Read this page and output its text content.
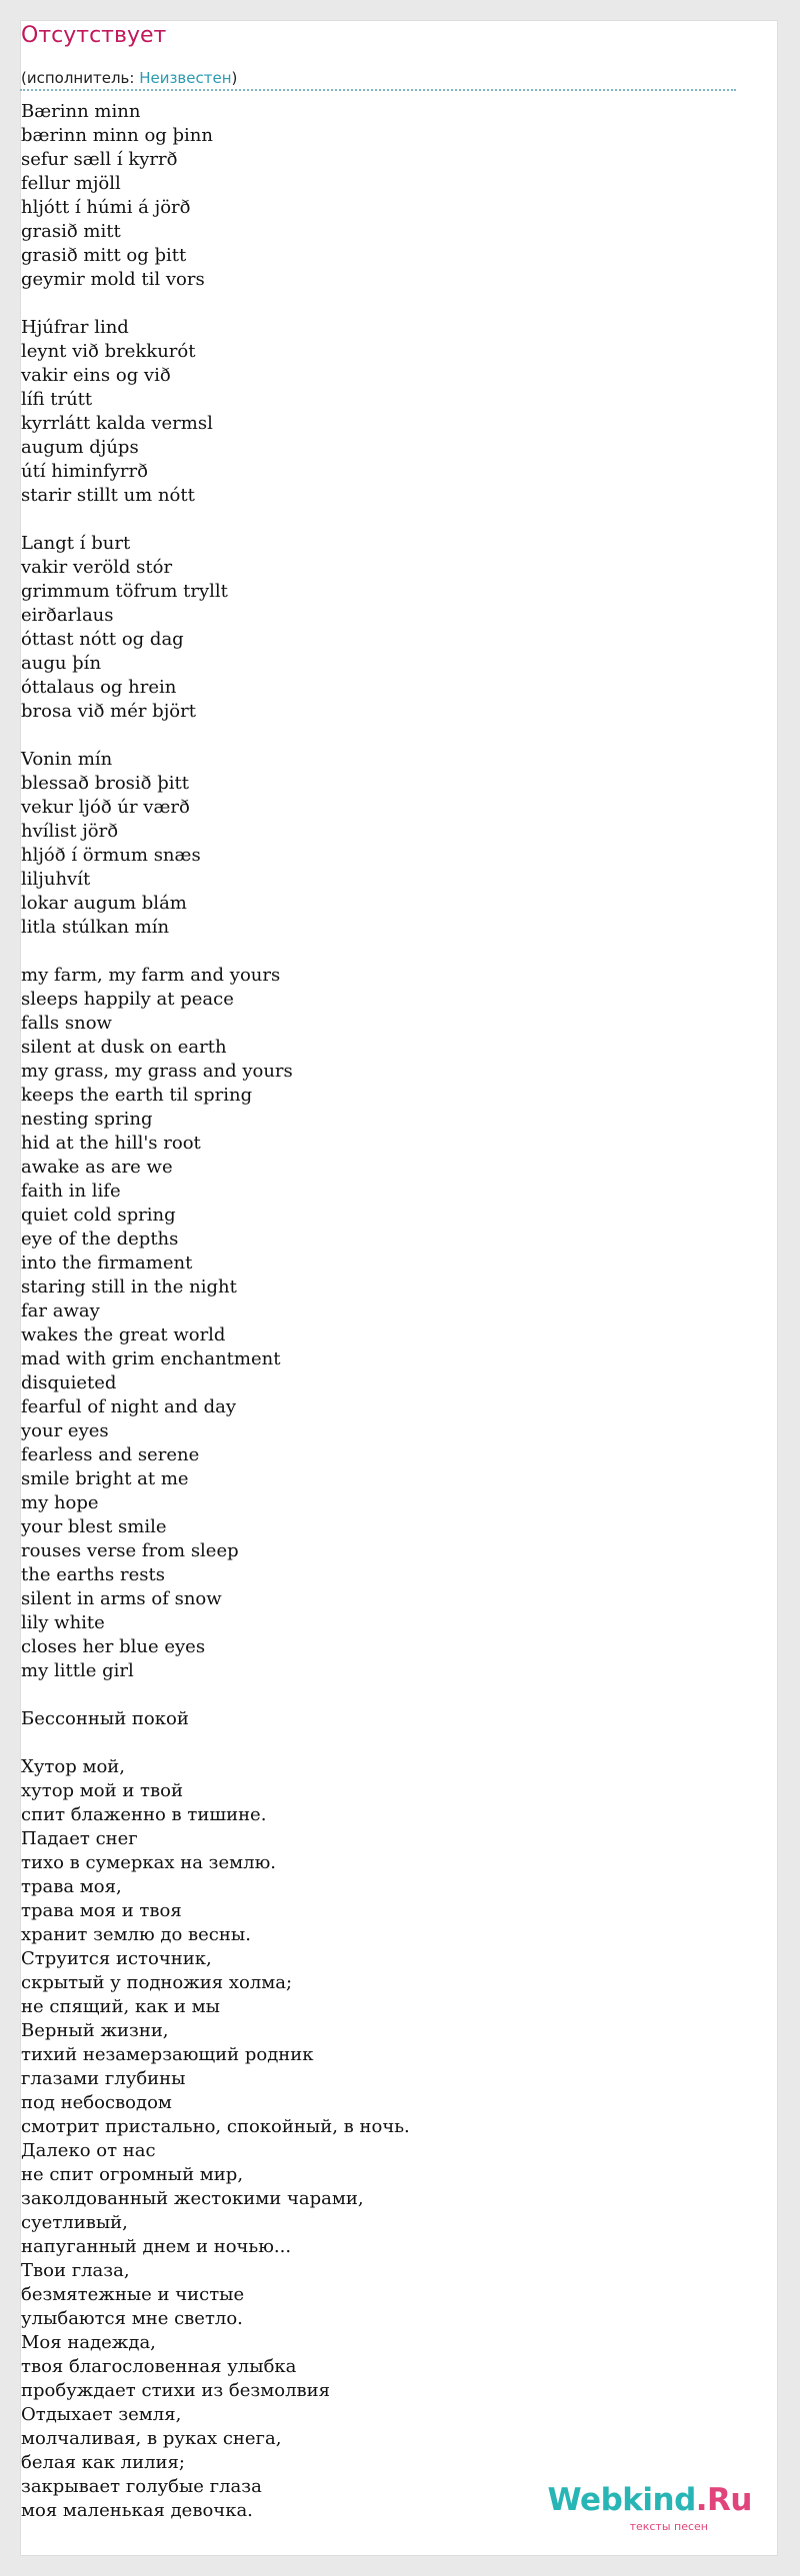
Отсутствует
(исполнитель: Неизвестен)
Bærinn minn
bærinn minn og þinn
sefur sæll í kyrrð
fellur mjöll
hljótt í húmi á jörð
grasið mitt
grasið mitt og þitt
geymir mold til vors
Hjúfrar lind
leynt við brekkurót
vakir eins og við
lífi trútt
kyrrlátt kalda vermsl
augum djúps
útí himinfyrrð
starir stillt um nótt
Langt í burt
vakir veröld stór
grimmum töfrum tryllt
eirðarlaus
óttast nótt og dag
augu þín
óttalaus og hrein
brosa við mér björt
Vonin mín
blessað brosið þitt
vekur ljóð úr værð
hvílist jörð
hljóð í örmum snæs
liljuhvít
lokar augum blám
litla stúlkan mín
my farm, my farm and yours
sleeps happily at peace
falls snow
silent at dusk on earth
my grass, my grass and yours
keeps the earth til spring
nesting spring
hid at the hill's root
awake as are we
faith in life
quiet cold spring
eye of the depths
into the firmament
staring still in the night
far away
wakes the great world
mad with grim enchantment
disquieted
fearful of night and day
your eyes
fearless and serene
smile bright at me
my hope
your blest smile
rouses verse from sleep
the earths rests
silent in arms of snow
lily white
closes her blue eyes
my little girl
Бессонный покой
Хутор мой,
хутор мой и твой
спит блаженно в тишине.
Падает снег
тихо в сумерках на землю.
трава моя,
трава моя и твоя
хранит землю до весны.
Струится источник,
скрытый у подножия холма;
не спящий, как и мы
Верный жизни,
тихий незамерзающий родник
глазами глубины
под небосводом
смотрит пристально, спокойный, в ночь.
Далеко от нас
не спит огромный мир,
заколдованный жестокими чарами,
суетливый,
напуганный днем и ночью...
Твои глаза,
безмятежные и чистые
улыбаются мне светло.
Моя надежда,
твоя благословенная улыбка
пробуждает стихи из безмолвия
Отдыхает земля,
молчаливая, в руках снега,
белая как лилия;
закрывает голубые глаза
моя маленькая девочка.	Webkind.Ru
тексты песен
